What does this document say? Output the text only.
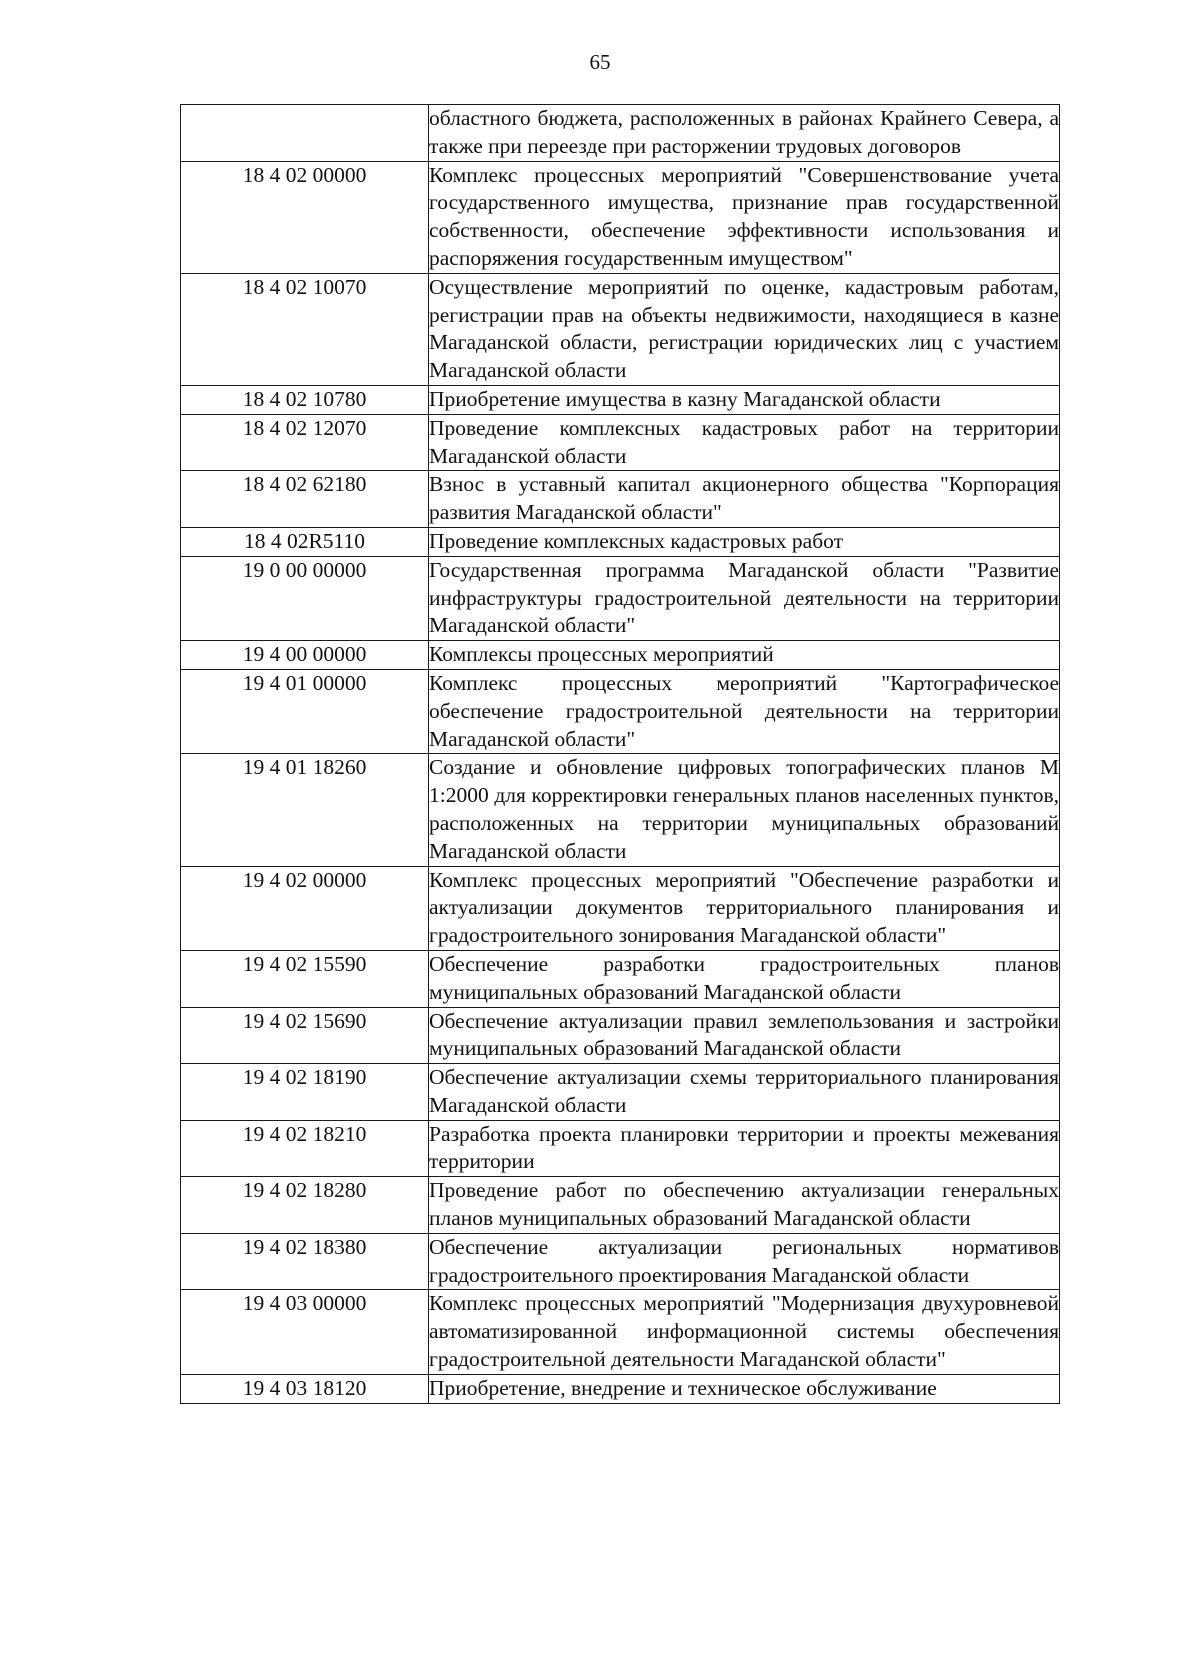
65
	областного бюджета, расположенных в районах Крайнего Севера, а также при переезде при расторжении трудовых договоров
18 4 02 00000	Комплекс процессных мероприятий "Совершенствование учета государственного имущества, признание прав государственной собственности, обеспечение эффективности использования и распоряжения государственным имуществом"
18 4 02 10070	Осуществление мероприятий по оценке, кадастровым работам, регистрации прав на объекты недвижимости, находящиеся в казне Магаданской области, регистрации юридических лиц с участием Магаданской области
18 4 02 10780	Приобретение имущества в казну Магаданской области
18 4 02 12070	Проведение комплексных кадастровых работ на территории Магаданской области
18 4 02 62180	Взнос в уставный капитал акционерного общества "Корпорация развития Магаданской области"
18 4 02R5110	Проведение комплексных кадастровых работ
19 0 00 00000	Государственная программа Магаданской области "Развитие инфраструктуры градостроительной деятельности на территории Магаданской области"
19 4 00 00000	Комплексы процессных мероприятий
19 4 01 00000	Комплекс процессных мероприятий "Картографическое обеспечение градостроительной деятельности на территории Магаданской области"
19 4 01 18260	Создание и обновление цифровых топографических планов М 1:2000 для корректировки генеральных планов населенных пунктов, расположенных на территории муниципальных образований Магаданской области
19 4 02 00000	Комплекс процессных мероприятий "Обеспечение разработки и актуализации документов территориального планирования и градостроительного зонирования Магаданской области"
19 4 02 15590	Обеспечение разработки градостроительных планов муниципальных образований Магаданской области
19 4 02 15690	Обеспечение актуализации правил землепользования и застройки муниципальных образований Магаданской области
19 4 02 18190	Обеспечение актуализации схемы территориального планирования Магаданской области
19 4 02 18210	Разработка проекта планировки территории и проекты межевания территории
19 4 02 18280	Проведение работ по обеспечению актуализации генеральных планов муниципальных образований Магаданской области
19 4 02 18380	Обеспечение актуализации региональных нормативов градостроительного проектирования Магаданской области
19 4 03 00000	Комплекс процессных мероприятий "Модернизация двухуровневой автоматизированной информационной системы обеспечения градостроительной деятельности Магаданской области"
19 4 03 18120	Приобретение, внедрение и техническое обслуживание
